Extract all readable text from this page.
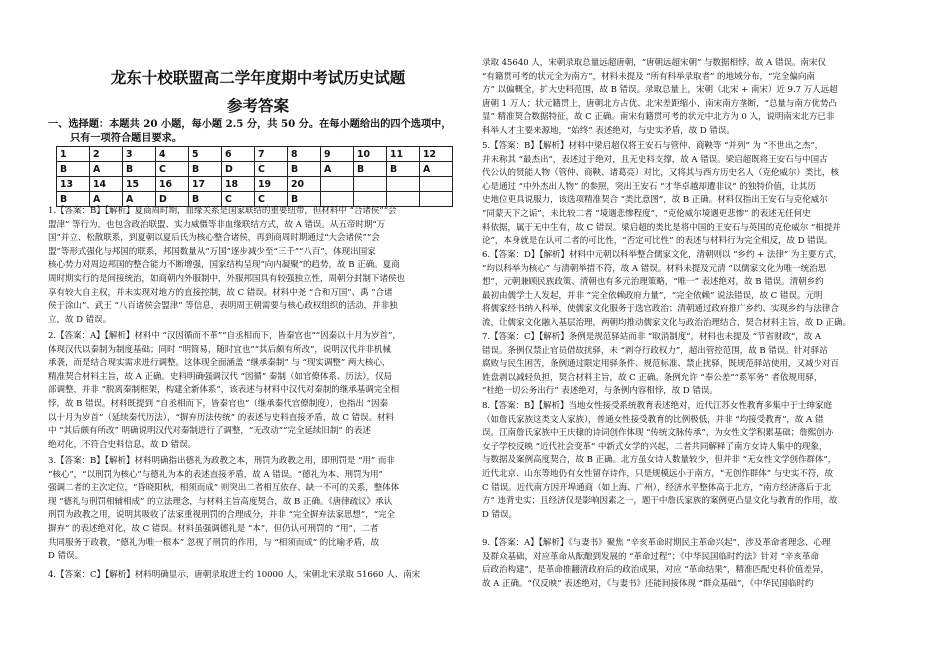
龙东十校联盟高二学年度期中考试历史试题
参考答案
一、选择题：本题共 20 小题，每小题 2.5 分，共 50 分。在每小题给出的四个选项中，
只有一项符合题目要求。
1	2	3	4	5	6	7	8	9	10	11	12
B	A	B	C	B	D	C	B	A	B	B	A
13	14	15	16	17	18	19	20				
B	A	A	D	B	C	C	B				
1.【答案：B】【解析】夏商周时期，血缘关系是国家联结的重要纽带，但材料中 “合诸侯”“会
盟津” 等行为，也包含政治联盟、实力威慑等非血缘联结方式，故 A 错误。从五帝时期“万
国”并立、松散联系，到夏朝以夏后氏为核心整合诸侯，再到商周时期通过“大会诸侯”“会
盟”等形式强化与邦国的联系，邦国数量从“万国”逐步减少至“三千”“八百”，体现出国家
核心势力对周边邦国的整合能力不断增强，国家结构呈现“向内凝聚”的趋势，故 B 正确。夏商
周时期实行的是间接统治，如商朝内外服制中，外服邦国具有较强独立性，周朝分封制下诸侯也
享有较大自主权，并未实现对地方的直接控制，故 C 错误。材料中尧 “合和万国”、禹 “合诸
侯于涂山”、武王 “八百诸侯会盟津” 等信息，表明周王朝需要与核心政权组织的活动，并非独
立，故 D 错误。
2.【答案：A】【解析】材料中 “汉因循而不革”“自丞相而下，皆秦官也”“因秦以十月为岁首”，
体现汉代以秦制为制度基础；同时 “明简易，随时宜也”“其后颇有所改”，说明汉代并非机械
承袭，而是结合现实需求进行调整。这体现全面涵盖 “继承秦制” 与 “现实调整” 两大核心，
精准契合材料主旨，故 A 正确。史料明确强调汉代 “因循” 秦制（如官僚体系、历法），仅局
部调整，并非 “脱离秦制框架，构建全新体系”，该表述与材料中汉代对秦制的继承基调完全相
悖，故 B 错误。材料既提到 “自丞相而下，皆秦官也”（继承秦代官僚制度），也指出 “因秦
以十月为岁首”（延续秦代历法），“摒弃历法传统” 的表述与史料直接矛盾，故 C 错误。材料
中 “其后颇有所改” 明确说明汉代对秦制进行了调整，“无改动”“完全延续旧制” 的表述
绝对化，不符合史料信息，故 D 错误。
3.【答案：B】【解析】材料明确指出德礼为政教之本，刑罚为政教之用，即刑罚是 “用” 而非
“核心”，“以刑罚为核心”与德礼为本的表述直接矛盾，故 A 错误。“德礼为本、刑罚为用”
强调二者的主次定位，“昏晓阳秋，相须而成” 则突出二者相互依存、缺一不可的关系，整体体
现 “德礼与刑罚相辅相成” 的立法理念，与材料主旨高度契合，故 B 正确。《唐律疏议》承认
刑罚为政教之用，说明其吸收了法家重视刑罚的合理成分，并非 “完全摒弃法家思想”，“完全
摒弃” 的表述绝对化，故 C 错误。材料虽强调德礼是 “本”，但仍认可刑罚的 “用”，二者
共同服务于政教，“德礼为唯一根本” 忽视了刑罚的作用，与 “相须而成” 的比喻矛盾，故
D 错误。
4.【答案：C】【解析】材料明确显示，唐朝录取进士约 10000 人，宋朝北宋录取 51660 人、南宋
录取 45640 人，宋朝录取总量远超唐朝，“唐朝远超宋朝” 与数据相悖，故 A 错误。南宋仅
“有籍贯可考的状元全为南方”，材料未提及 “所有科举录取者” 的地域分布，“完全偏向南
方” 以偏概全，扩大史料范围，故 B 错误。录取总量上，宋朝（北宋 + 南宋）近 9.7 万人远超
唐朝 1 万人；状元籍贯上，唐朝北方占优、北宋差距缩小、南宋南方垄断，“总量与南方优势凸
显” 精准契合数据特征，故 C 正确。南宋有籍贯可考的状元中北方为 0 人，说明南宋北方已非
科举人才主要来源地，“始终” 表述绝对，与史实矛盾，故 D 错误。
5.【答案：B】【解析】材料中梁启超仅将王安石与管仲、商鞅等 “并列” 为 “不世出之杰”，
并未称其 “最杰出”，表述过于绝对，且无史料支撑，故 A 错误。梁启超既将王安石与中国古
代公认的贤能人物（管仲、商鞅、诸葛亮）对比，又将其与西方历史名人（克伦威尔）类比，核
心是通过 “中外杰出人物” 的参照，突出王安石 “才华卓越却遭非议” 的独特价值，让其历
史地位更具说服力，该选项精准契合 “类比意图”，故 B 正确。材料仅指出王安石与克伦威尔
“同蒙天下之诟”，未比较二者 “境遇悲惨程度”，“克伦威尔境遇更悲惨” 的表述无任何史
料依据，属于无中生有，故 C 错误。梁启超的类比是将中国的王安石与英国的克伦威尔 “相提并
论”，本身就是在认可二者的可比性，“否定可比性” 的表述与材料行为完全相反，故 D 错误。
6.【答案：D】【解析】材料中元朝以科举整合儒家文化，清朝则以 “乡约 + 法律” 为主要方式，
“均以科举为核心” 与清朝举措不符，故 A 错误。材料未提及元清 “以儒家文化为唯一统治思
想”，元朝兼顾民族政策、清朝也有多元治理策略，“唯一” 表述绝对，故 B 错误。清朝乡约
最初由儒学士人发起，并非 “完全依赖政府力量”，“完全依赖” 说法错误，故 C 错误。元明
将儒家经书纳入科举，使儒家文化服务于选官政治；清朝通过政府推广乡约、实现乡约与法律合
流，让儒家文化融入基层治理，两朝均推动儒家文化与政治治理结合，契合材料主旨，故 D 正确。
7.【答案：C】【解析】条例是规范驿站而非 “取消制度”，材料也未提及 “节省财政”，故 A
错误。条例仅禁止官员借故扰驿，未 “剥夺行政权力”，超出管控范围，故 B 错误。针对驿站
腐败与民生困苦，条例通过限定用驿条件、规范标准、禁止扰驿，既规范驿站使用，又减少对百
姓盘剥以减轻负担，契合材料主旨，故 C 正确。条例允许 “奉公差”“系军务” 者依规用驿，
“杜绝一切公务出行” 表述绝对，与条例内容相悖，故 D 错误。
8.【答案：B】【解析】当地女性接受系统教育表述绝对，近代江苏女性教育多集中于士绅家庭
（如詹氏家族这类文人家族），普通女性接受教育的比例极低，并非 “均接受教育”，故 A 错
误。江南詹氏家族中王庆棣的诗词创作体现 “传统文脉传承”，为女性文学积累基础；詹熙创办
女子学校反映 “近代社会变革” 中新式女学的兴起，二者共同解释了南方女诗人集中的现象，
与数据及案例高度契合，故 B 正确。北方虽女诗人数量较少，但并非 “无女性文学创作群体”，
近代北京、山东等地仍有女性留存诗作，只是规模远小于南方，“无创作群体” 与史实不符，故
C 错误。近代南方因开埠通商（如上海、广州），经济水平整体高于北方，“南方经济落后于北
方” 违背史实；且经济仅是影响因素之一，题干中詹氏家族的案例更凸显文化与教育的作用，故
D 错误。
9.【答案：A】【解析】《与妻书》聚焦 “辛亥革命时期民主革命兴起”，涉及革命者理念、心理
及群众基础，对应革命从酝酿到发展的 “革命过程”；《中华民国临时约法》针对 “辛亥革命
后政治构建”，是革命推翻清政府后的政治成果，对应 “革命结果”，精准匹配史料价值差异，
故 A 正确。“仅反映” 表述绝对，《与妻书》还能间接体现 “群众基础”，《中华民国临时约
